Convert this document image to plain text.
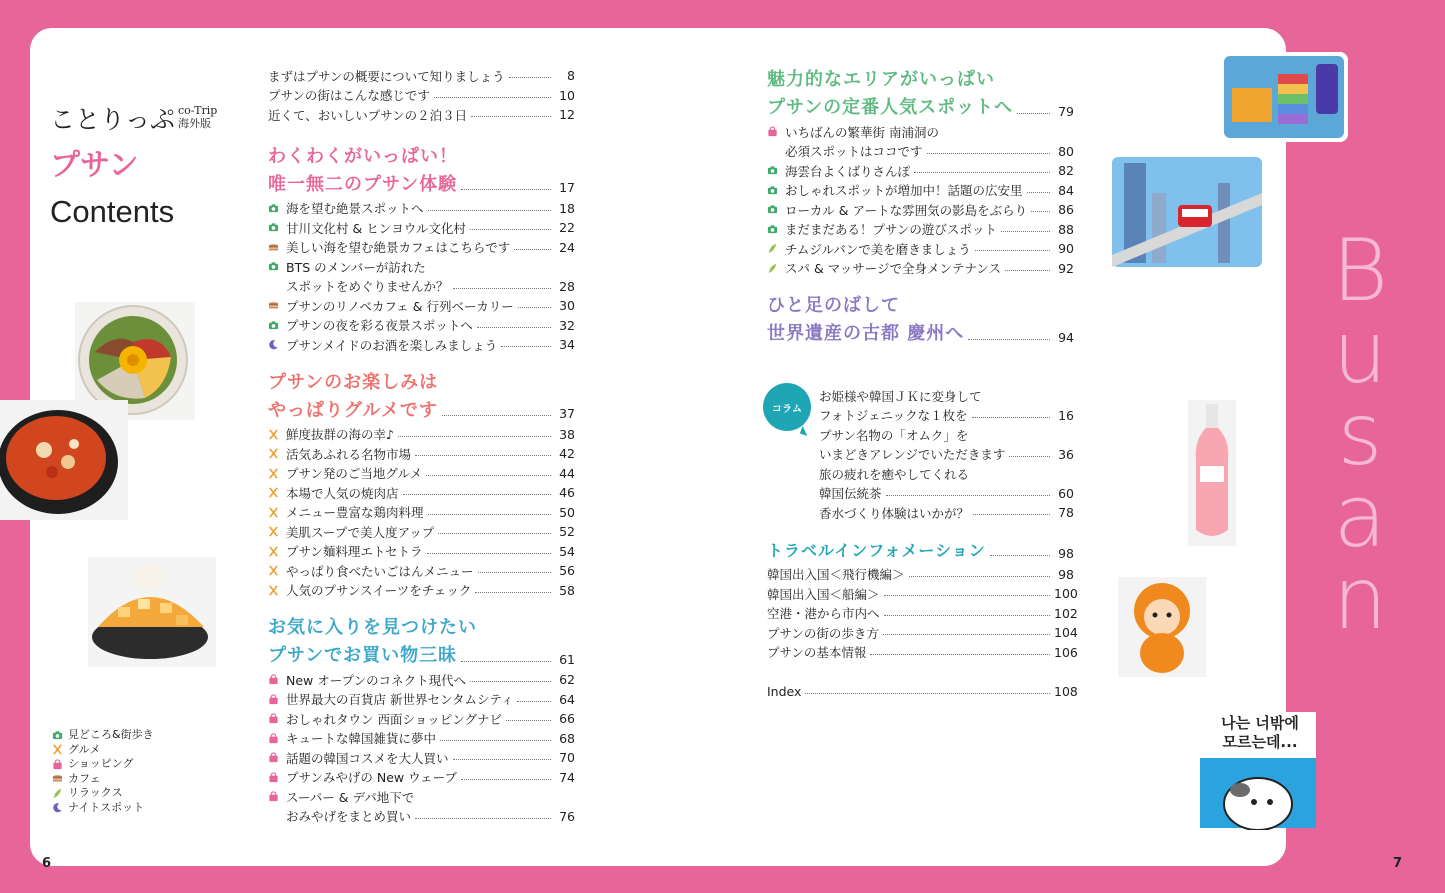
6	7
ことりっぷ co-Trip
海外版
プサン
Contents
見どころ&街歩き
グルメ
ショッピング
カフェ
リラックス
ナイトスポット
まずはプサンの概要について知りましょう	8
プサンの街はこんな感じです	10
近くて、おいしいプサンの２泊３日	12
わくわくがいっぱい！
唯一無二のプサン体験	17
海を望む絶景スポットへ	18
甘川文化村 & ヒンヨウル文化村	22
美しい海を望む絶景カフェはこちらです	24
BTS のメンバーが訪れた
スポットをめぐりませんか？	28
プサンのリノベカフェ & 行列ベーカリー	30
プサンの夜を彩る夜景スポットへ	32
プサンメイドのお酒を楽しみましょう	34
プサンのお楽しみは
やっぱりグルメです	37
鮮度抜群の海の幸♪	38
活気あふれる名物市場	42
プサン発のご当地グルメ	44
本場で人気の焼肉店	46
メニュー豊富な鶏肉料理	50
美肌スープで美人度アップ	52
プサン麺料理エトセトラ	54
やっぱり食べたいごはんメニュー	56
人気のプサンスイーツをチェック	58
お気に入りを見つけたい
プサンでお買い物三昧	61
New オープンのコネクト現代へ	62
世界最大の百貨店 新世界センタムシティ	64
おしゃれタウン 西面ショッピングナビ	66
キュートな韓国雑貨に夢中	68
話題の韓国コスメを大人買い	70
プサンみやげの New ウェーブ	74
スーパー & デパ地下で
おみやげをまとめ買い	76
魅力的なエリアがいっぱい
プサンの定番人気スポットへ	79
いちばんの繁華街 南浦洞の
必須スポットはココです	80
海雲台よくばりさんぽ	82
おしゃれスポットが増加中！話題の広安里	84
ローカル & アートな雰囲気の影島をぶらり	86
まだまだある！プサンの遊びスポット	88
チムジルバンで美を磨きましょう	90
スパ & マッサージで全身メンテナンス	92
ひと足のばして
世界遺産の古都 慶州へ	94
お姫様や韓国ＪＫに変身して
フォトジェニックな１枚を	16
プサン名物の「オムク」を
いまどきアレンジでいただきます	36
旅の疲れを癒やしてくれる
韓国伝統茶	60
香水づくり体験はいかが？	78
トラベルインフォメーション	98
韓国出入国＜飛行機編＞	98
韓国出入国＜船編＞	100
空港・港から市内へ	102
プサンの街の歩き方	104
プサンの基本情報	106
Index	108
コラム
나는 너밖에
모르는데...
B
u
s
a
n
